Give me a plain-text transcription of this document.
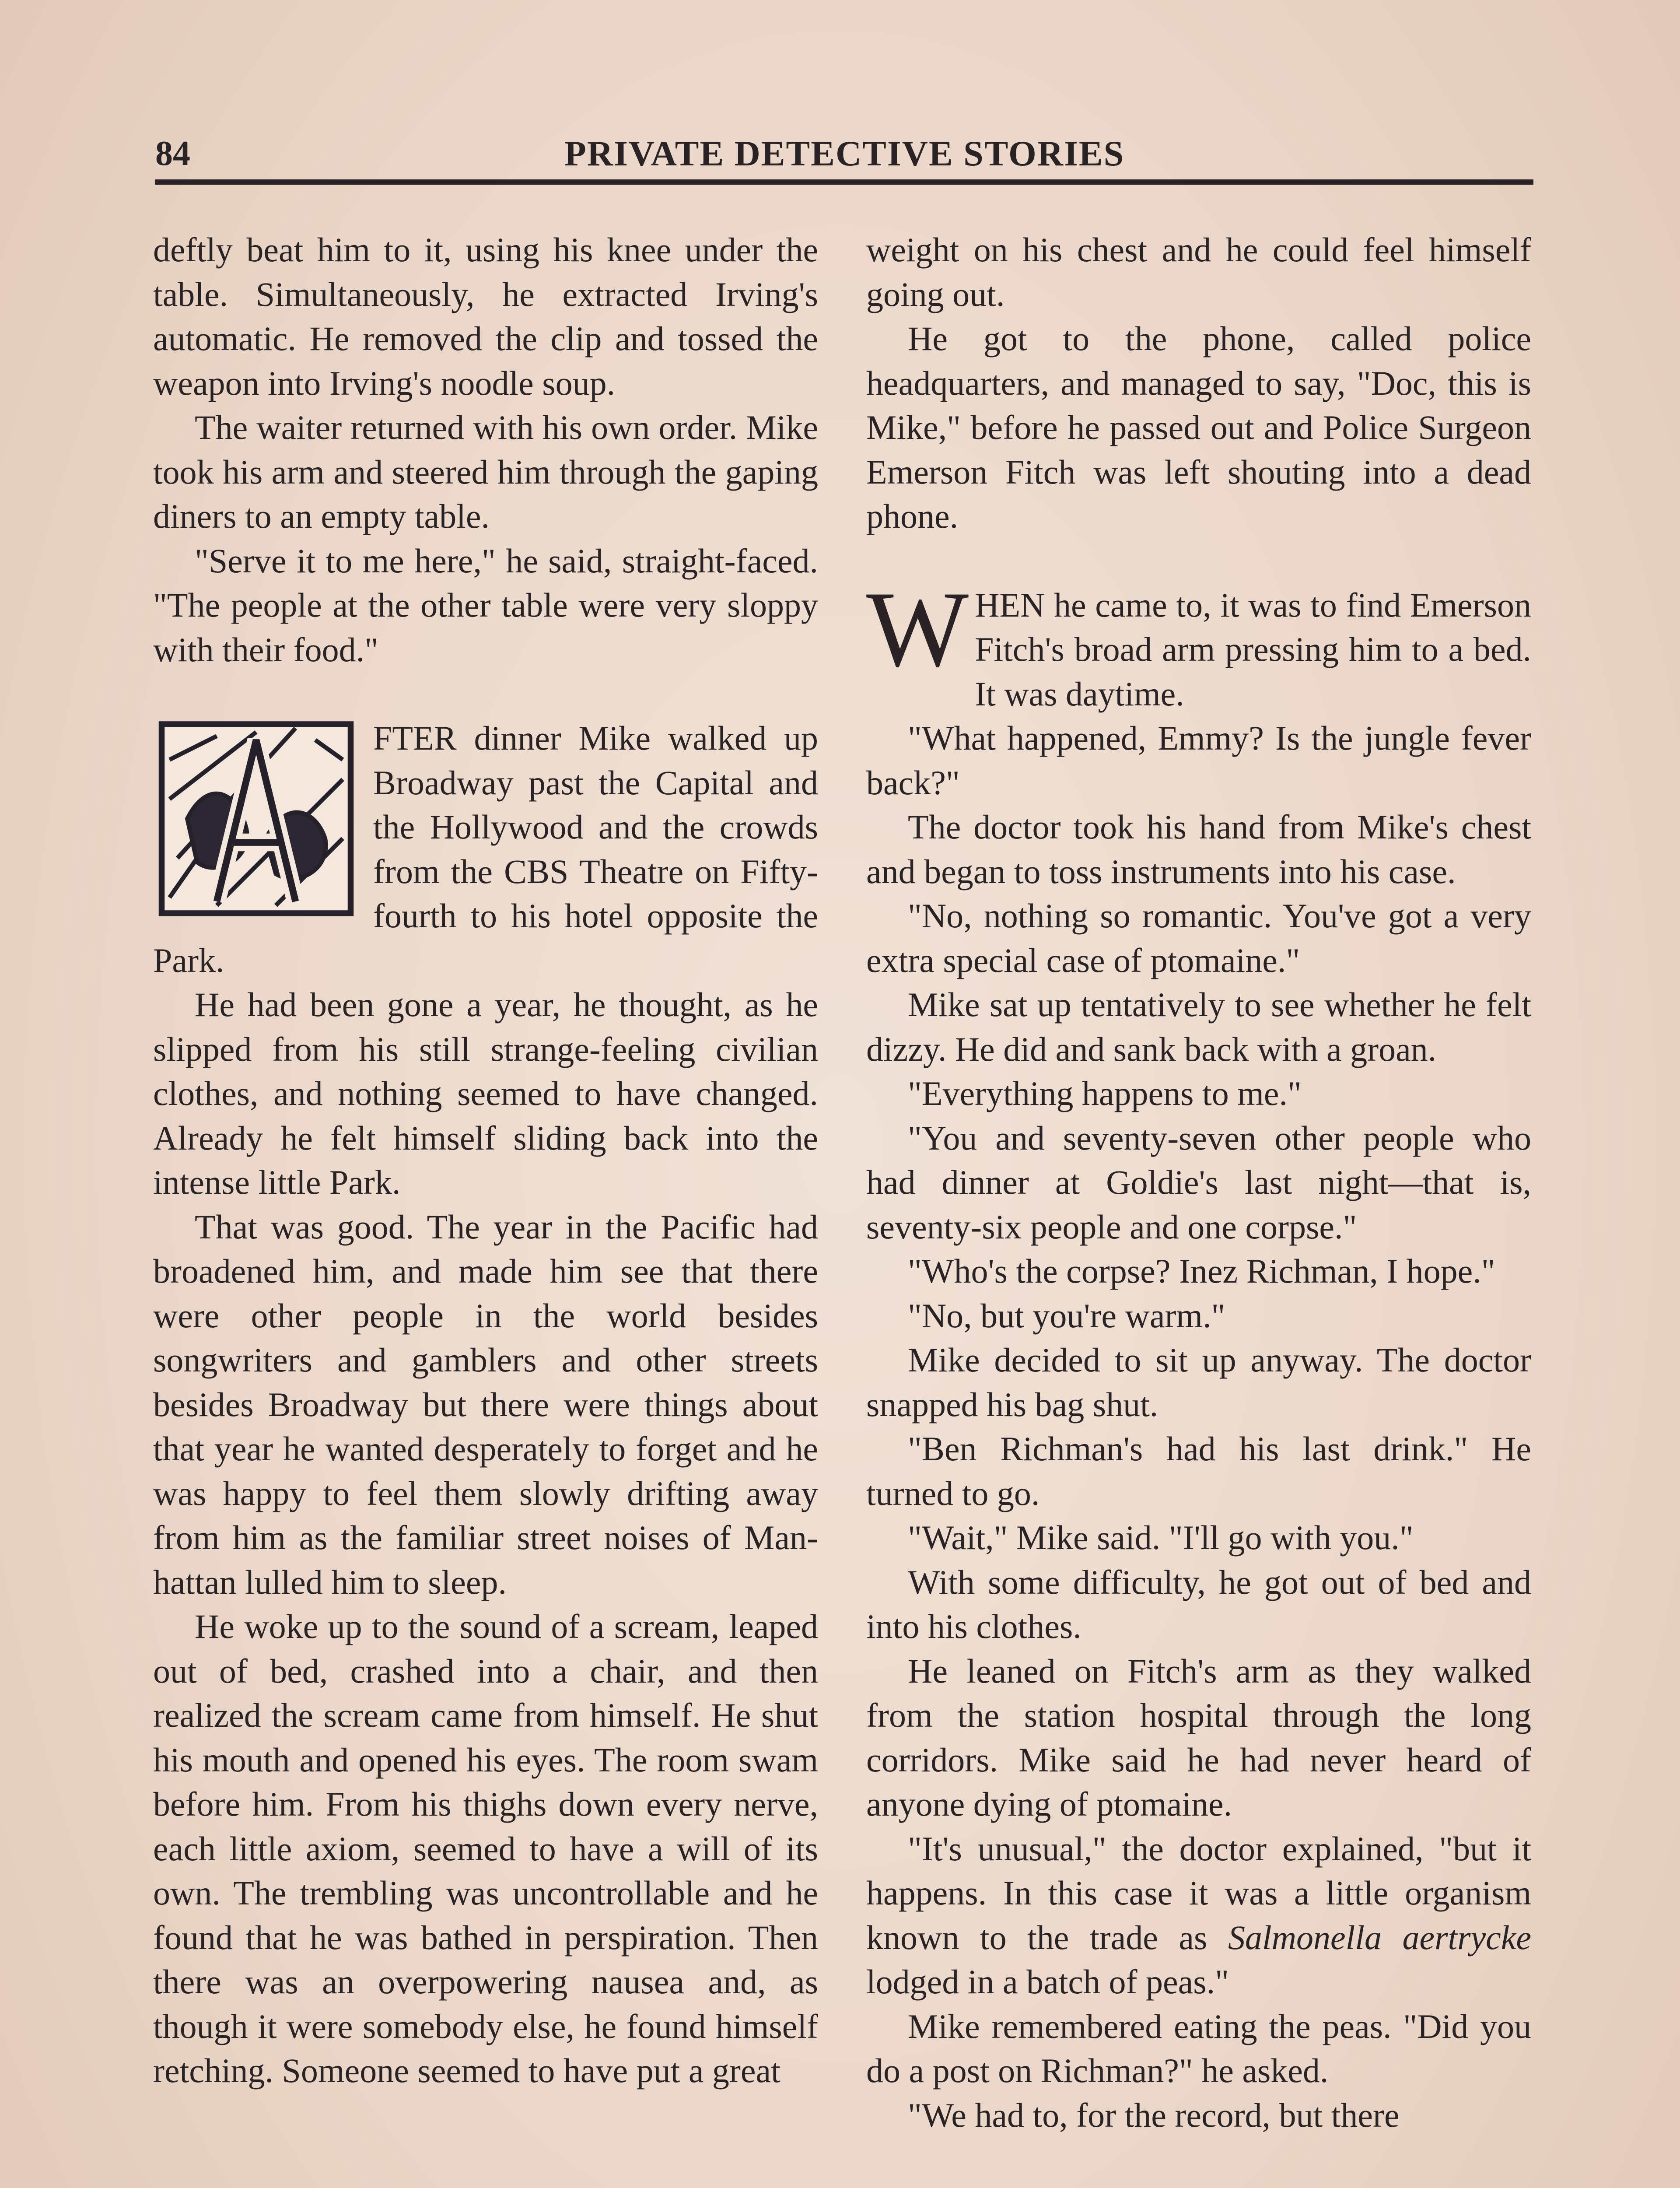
84	PRIVATE DETECTIVE STORIES

deftly beat him to it, using his knee under the table. Simultaneously, he extracted Irving's automatic. He removed the clip and tossed the weapon into Irving's noodle soup.

The waiter returned with his own order. Mike took his arm and steered him through the gaping diners to an empty table.

"Serve it to me here," he said, straight-faced. "The people at the other table were very sloppy with their food."

FTER dinner Mike walked up Broadway past the Capital and the Hollywood and the crowds from the CBS Theatre on Fifty-fourth to his hotel opposite the Park.

He had been gone a year, he thought, as he slipped from his still strange-feeling civilian clothes, and nothing seemed to have changed. Already he felt himself sliding back into the intense little Park.

That was good. The year in the Pacific had broadened him, and made him see that there were other people in the world besides songwriters and gamblers and other streets besides Broadway but there were things about that year he wanted desperately to forget and he was happy to feel them slowly drifting away from him as the familiar street noises of Manhattan lulled him to sleep.

He woke up to the sound of a scream, leaped out of bed, crashed into a chair, and then realized the scream came from himself. He shut his mouth and opened his eyes. The room swam before him. From his thighs down every nerve, each little axiom, seemed to have a will of its own. The trembling was uncontrollable and he found that he was bathed in perspiration. Then there was an overpowering nausea and, as though it were somebody else, he found himself retching. Someone seemed to have put a great

weight on his chest and he could feel himself going out.

He got to the phone, called police headquarters, and managed to say, "Doc, this is Mike," before he passed out and Police Surgeon Emerson Fitch was left shouting into a dead phone.

W HEN he came to, it was to find Emerson Fitch's broad arm pressing him to a bed. It was daytime.

"What happened, Emmy? Is the jungle fever back?"

The doctor took his hand from Mike's chest and began to toss instruments into his case.

"No, nothing so romantic. You've got a very extra special case of ptomaine."

Mike sat up tentatively to see whether he felt dizzy. He did and sank back with a groan.

"Everything happens to me."

"You and seventy-seven other people who had dinner at Goldie's last night—that is, seventy-six people and one corpse."

"Who's the corpse? Inez Richman, I hope."

"No, but you're warm."

Mike decided to sit up anyway. The doctor snapped his bag shut.

"Ben Richman's had his last drink." He turned to go.

"Wait," Mike said. "I'll go with you."

With some difficulty, he got out of bed and into his clothes.

He leaned on Fitch's arm as they walked from the station hospital through the long corridors. Mike said he had never heard of anyone dying of ptomaine.

"It's unusual," the doctor explained, "but it happens. In this case it was a little organism known to the trade as Salmonella aertrycke lodged in a batch of peas."

Mike remembered eating the peas. "Did you do a post on Richman?" he asked.

"We had to, for the record, but there
